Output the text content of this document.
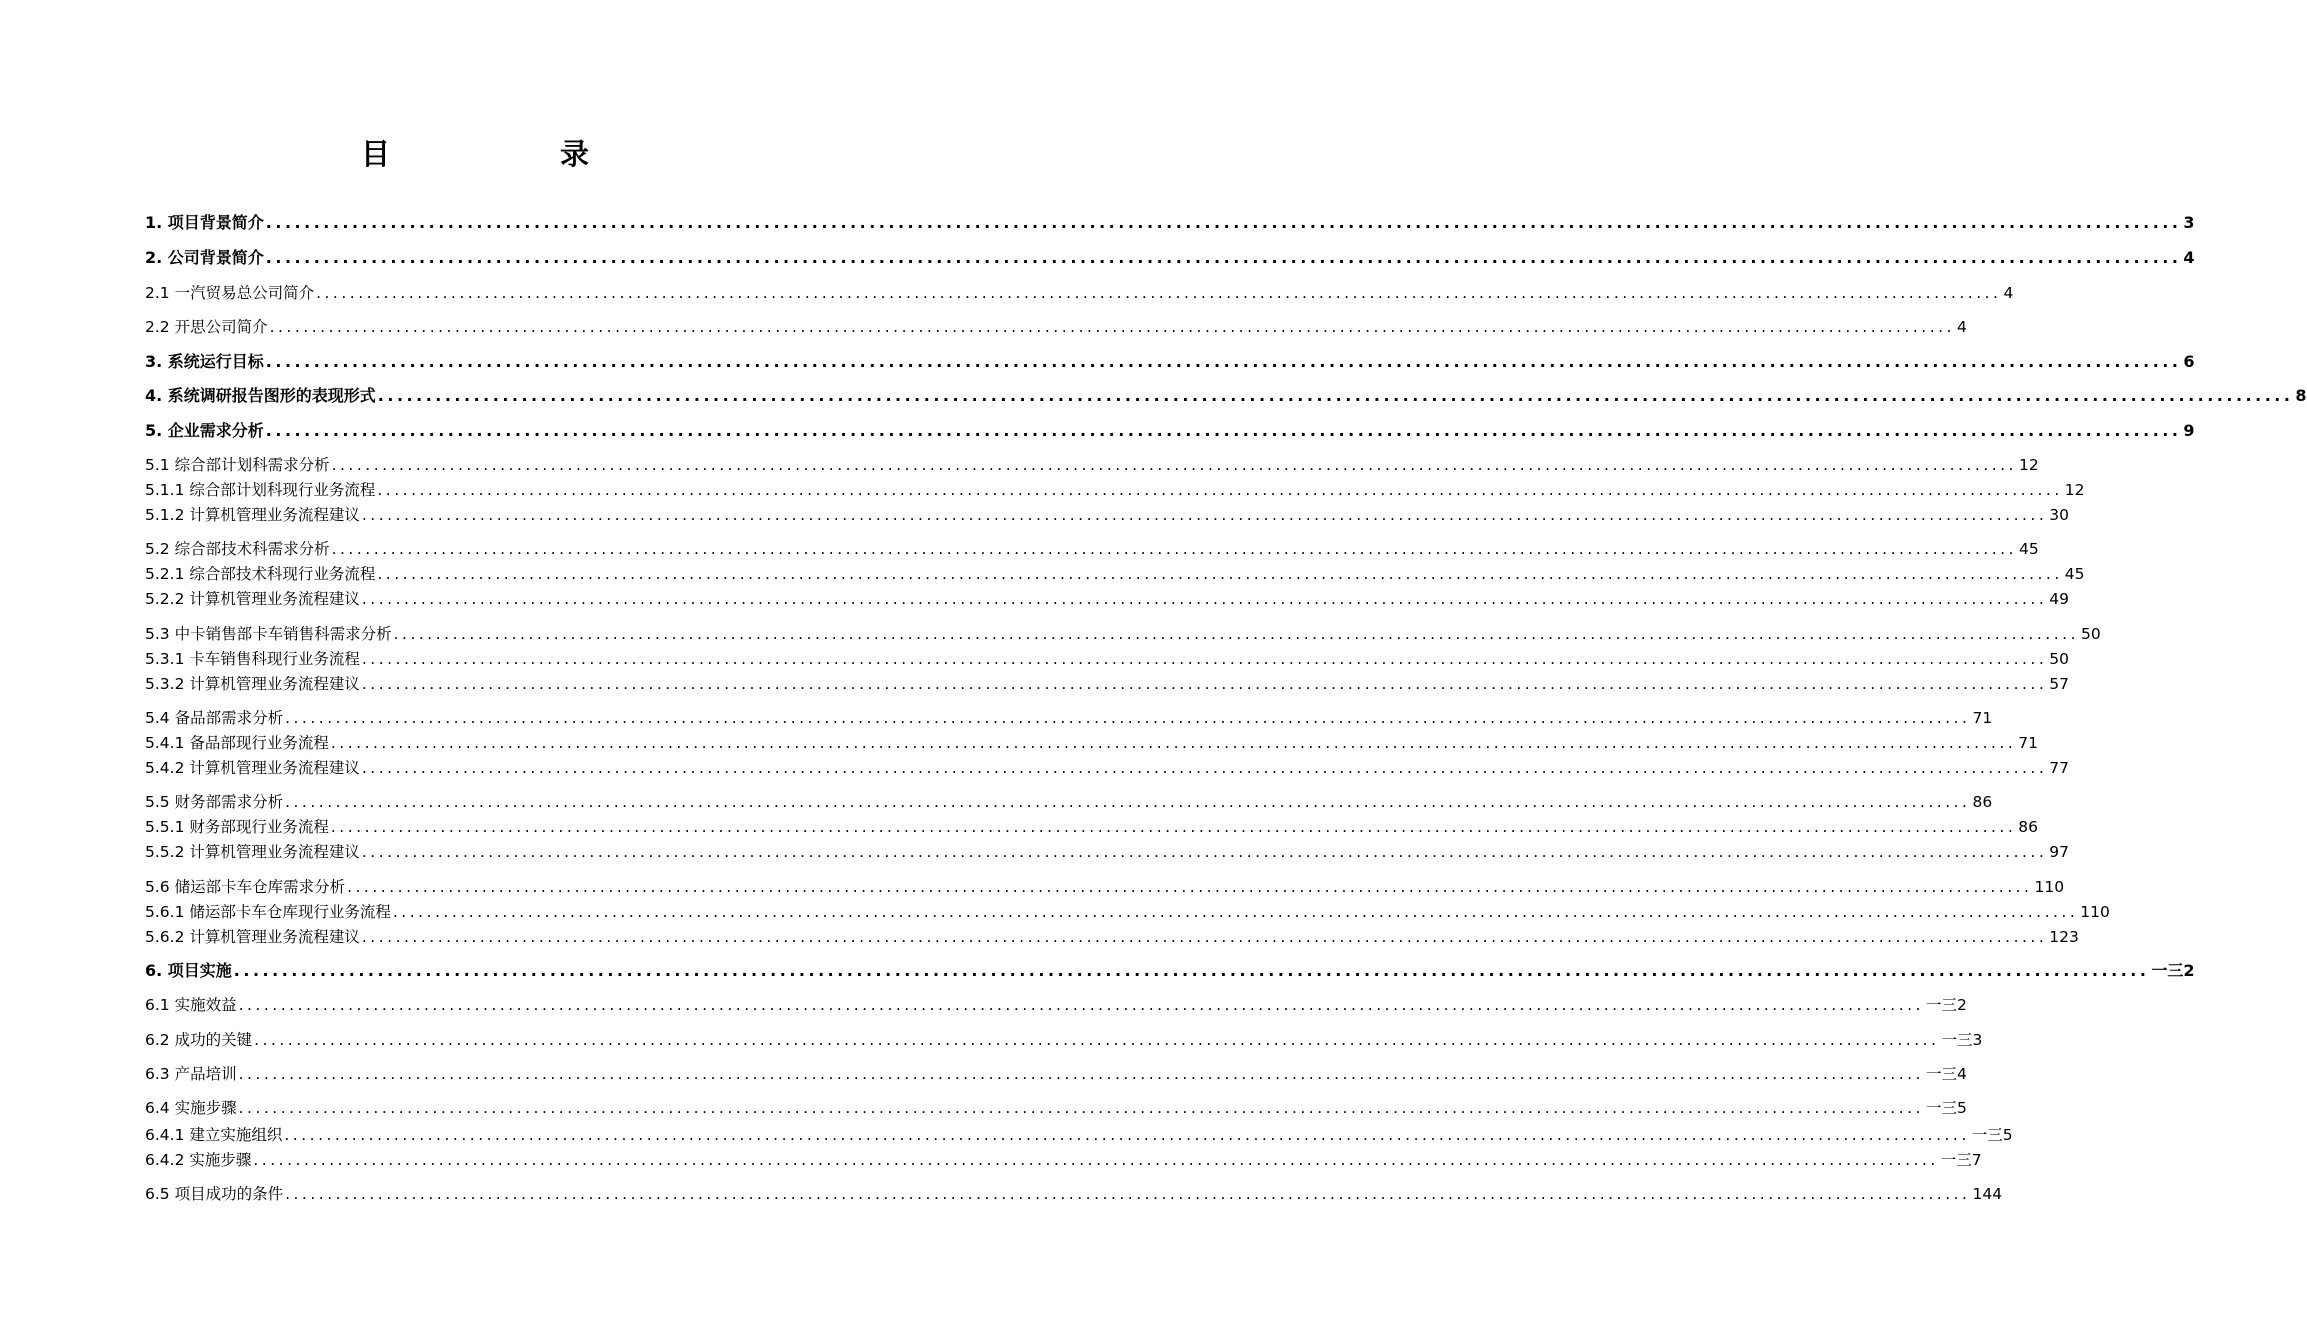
目 录
1. 项目背景简介 ........................................................................................................................................................................................................ 3
2. 公司背景简介 ........................................................................................................................................................................................................ 4
2.1 一汽贸易总公司简介 ........................................................................................................................................................................................................ 4
2.2 开思公司简介 ........................................................................................................................................................................................................ 4
3. 系统运行目标 ........................................................................................................................................................................................................ 6
4. 系统调研报告图形的表现形式 ........................................................................................................................................................................................................ 8
5. 企业需求分析 ........................................................................................................................................................................................................ 9
5.1 综合部计划科需求分析 ........................................................................................................................................................................................................ 12
5.1.1 综合部计划科现行业务流程 ........................................................................................................................................................................................................ 12
5.1.2 计算机管理业务流程建议 ........................................................................................................................................................................................................ 30
5.2 综合部技术科需求分析 ........................................................................................................................................................................................................ 45
5.2.1 综合部技术科现行业务流程 ........................................................................................................................................................................................................ 45
5.2.2 计算机管理业务流程建议 ........................................................................................................................................................................................................ 49
5.3 中卡销售部卡车销售科需求分析 ........................................................................................................................................................................................................ 50
5.3.1 卡车销售科现行业务流程 ........................................................................................................................................................................................................ 50
5.3.2 计算机管理业务流程建议 ........................................................................................................................................................................................................ 57
5.4 备品部需求分析 ........................................................................................................................................................................................................ 71
5.4.1 备品部现行业务流程 ........................................................................................................................................................................................................ 71
5.4.2 计算机管理业务流程建议 ........................................................................................................................................................................................................ 77
5.5 财务部需求分析 ........................................................................................................................................................................................................ 86
5.5.1 财务部现行业务流程 ........................................................................................................................................................................................................ 86
5.5.2 计算机管理业务流程建议 ........................................................................................................................................................................................................ 97
5.6 储运部卡车仓库需求分析 ........................................................................................................................................................................................................ 110
5.6.1 储运部卡车仓库现行业务流程 ........................................................................................................................................................................................................ 110
5.6.2 计算机管理业务流程建议 ........................................................................................................................................................................................................ 123
6. 项目实施 ........................................................................................................................................................................................................ 一三2
6.1 实施效益 ........................................................................................................................................................................................................ 一三2
6.2 成功的关键 ........................................................................................................................................................................................................ 一三3
6.3 产品培训 ........................................................................................................................................................................................................ 一三4
6.4 实施步骤 ........................................................................................................................................................................................................ 一三5
6.4.1 建立实施组织 ........................................................................................................................................................................................................ 一三5
6.4.2 实施步骤 ........................................................................................................................................................................................................ 一三7
6.5 项目成功的条件 ........................................................................................................................................................................................................ 144
